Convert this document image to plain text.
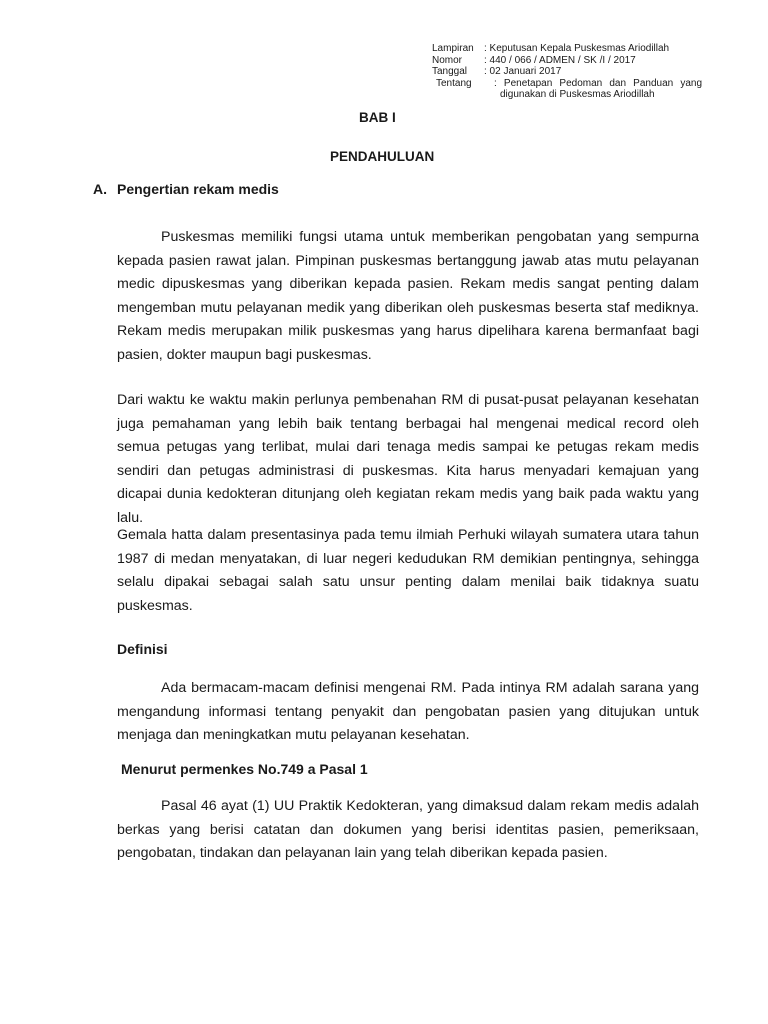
Lampiran	: Keputusan Kepala Puskesmas Ariodillah
Nomor	: 440 / 066 / ADMEN / SK /I / 2017
Tanggal	: 02 Januari 2017
Tentang	: Penetapan Pedoman dan Panduan yang
digunakan di Puskesmas Ariodillah
BAB I
PENDAHULUAN
A. Pengertian rekam medis

Puskesmas memiliki fungsi utama untuk memberikan pengobatan yang sempurna kepada pasien rawat jalan. Pimpinan puskesmas bertanggung jawab atas mutu pelayanan medic dipuskesmas yang diberikan kepada pasien. Rekam medis sangat penting dalam mengemban mutu pelayanan medik yang diberikan oleh puskesmas beserta staf mediknya. Rekam medis merupakan milik puskesmas yang harus dipelihara karena bermanfaat bagi pasien, dokter maupun bagi puskesmas.

Dari waktu ke waktu makin perlunya pembenahan RM di pusat-pusat pelayanan kesehatan juga pemahaman yang lebih baik tentang berbagai hal mengenai medical record oleh semua petugas yang terlibat, mulai dari tenaga medis sampai ke petugas rekam medis sendiri dan petugas administrasi di puskesmas. Kita harus menyadari kemajuan yang dicapai dunia kedokteran ditunjang oleh kegiatan rekam medis yang baik pada waktu yang lalu.

Gemala hatta dalam presentasinya pada temu ilmiah Perhuki wilayah sumatera utara tahun 1987 di medan menyatakan, di luar negeri kedudukan RM demikian pentingnya, sehingga selalu dipakai sebagai salah satu unsur penting dalam menilai baik tidaknya suatu puskesmas.

Definisi

Ada bermacam-macam definisi mengenai RM. Pada intinya RM adalah sarana yang mengandung informasi tentang penyakit dan pengobatan pasien yang ditujukan untuk menjaga dan meningkatkan mutu pelayanan kesehatan.

Menurut permenkes No.749 a Pasal 1

Pasal 46 ayat (1) UU Praktik Kedokteran, yang dimaksud dalam rekam medis adalah berkas yang berisi catatan dan dokumen yang berisi identitas pasien, pemeriksaan, pengobatan, tindakan dan pelayanan lain yang telah diberikan kepada pasien.
